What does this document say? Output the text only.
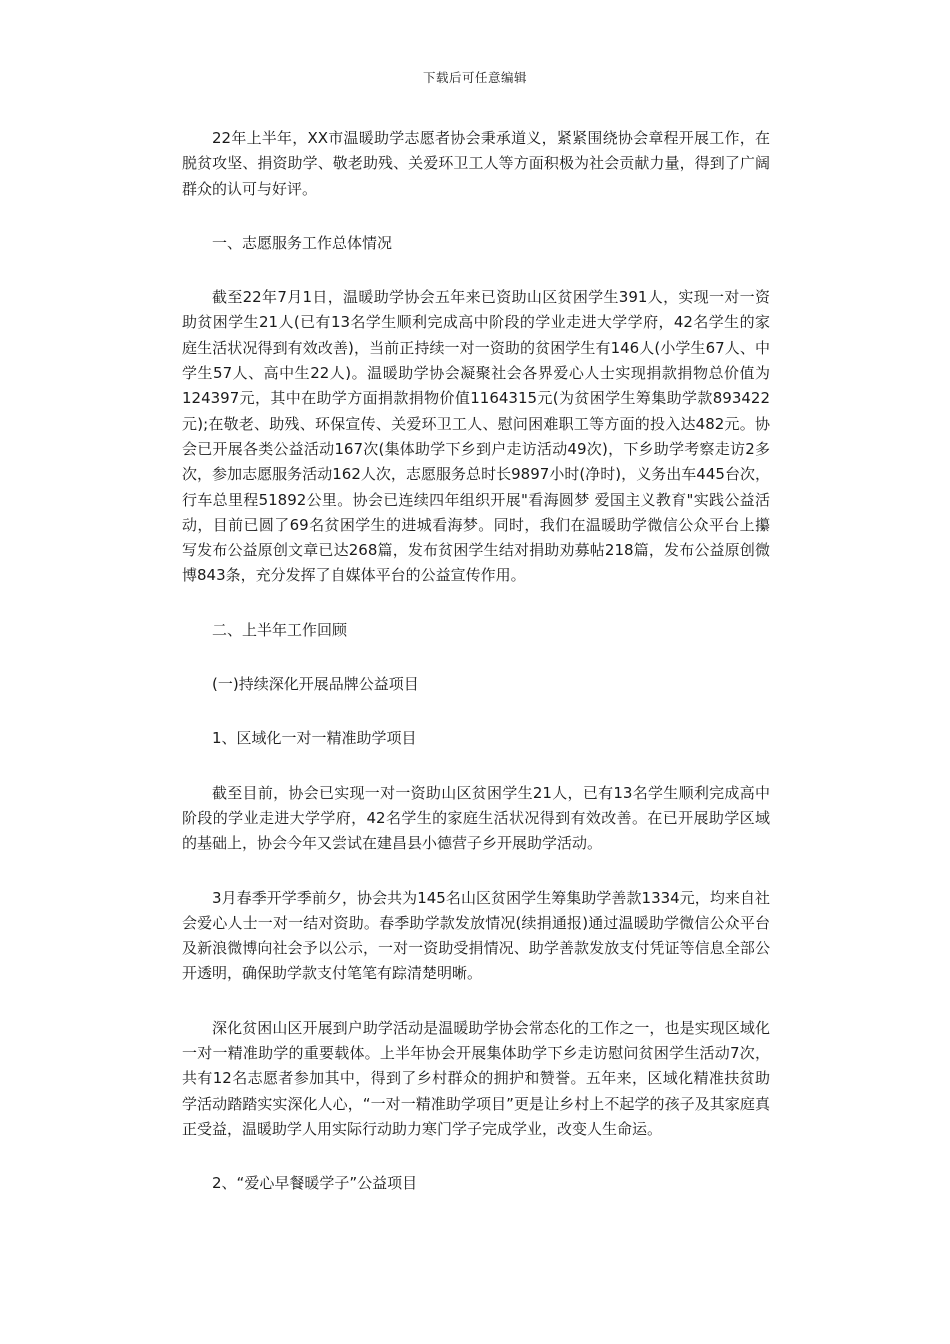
下载后可任意编辑

22年上半年，XX市温暖助学志愿者协会秉承道义，紧紧围绕协会章程开展工作，在脱贫攻坚、捐资助学、敬老助残、关爱环卫工人等方面积极为社会贡献力量，得到了广阔群众的认可与好评。

一、志愿服务工作总体情况

截至22年7月1日，温暖助学协会五年来已资助山区贫困学生391人，实现一对一资助贫困学生21人(已有13名学生顺利完成高中阶段的学业走进大学学府，42名学生的家庭生活状况得到有效改善)，当前正持续一对一资助的贫困学生有146人(小学生67人、中学生57人、高中生22人)。温暖助学协会凝聚社会各界爱心人士实现捐款捐物总价值为124397元，其中在助学方面捐款捐物价值1164315元(为贫困学生筹集助学款893422元);在敬老、助残、环保宣传、关爱环卫工人、慰问困难职工等方面的投入达482元。协会已开展各类公益活动167次(集体助学下乡到户走访活动49次)，下乡助学考察走访2多次，参加志愿服务活动162人次，志愿服务总时长9897小时(净时)，义务出车445台次，行车总里程51892公里。协会已连续四年组织开展"看海圆梦 爱国主义教育"实践公益活动，目前已圆了69名贫困学生的进城看海梦。同时，我们在温暖助学微信公众平台上攥写发布公益原创文章已达268篇，发布贫困学生结对捐助劝募帖218篇，发布公益原创微博843条，充分发挥了自媒体平台的公益宣传作用。

二、上半年工作回顾

(一)持续深化开展品牌公益项目

1、区域化一对一精准助学项目

截至目前，协会已实现一对一资助山区贫困学生21人，已有13名学生顺利完成高中阶段的学业走进大学学府，42名学生的家庭生活状况得到有效改善。在已开展助学区域的基础上，协会今年又尝试在建昌县小德营子乡开展助学活动。

3月春季开学季前夕，协会共为145名山区贫困学生筹集助学善款1334元，均来自社会爱心人士一对一结对资助。春季助学款发放情况(续捐通报)通过温暖助学微信公众平台及新浪微博向社会予以公示，一对一资助受捐情况、助学善款发放支付凭证等信息全部公开透明，确保助学款支付笔笔有踪清楚明晰。

深化贫困山区开展到户助学活动是温暖助学协会常态化的工作之一，也是实现区域化一对一精准助学的重要载体。上半年协会开展集体助学下乡走访慰问贫困学生活动7次，共有12名志愿者参加其中，得到了乡村群众的拥护和赞誉。五年来，区域化精准扶贫助学活动踏踏实实深化人心，“一对一精准助学项目”更是让乡村上不起学的孩子及其家庭真正受益，温暖助学人用实际行动助力寒门学子完成学业，改变人生命运。

2、“爱心早餐暖学子”公益项目
